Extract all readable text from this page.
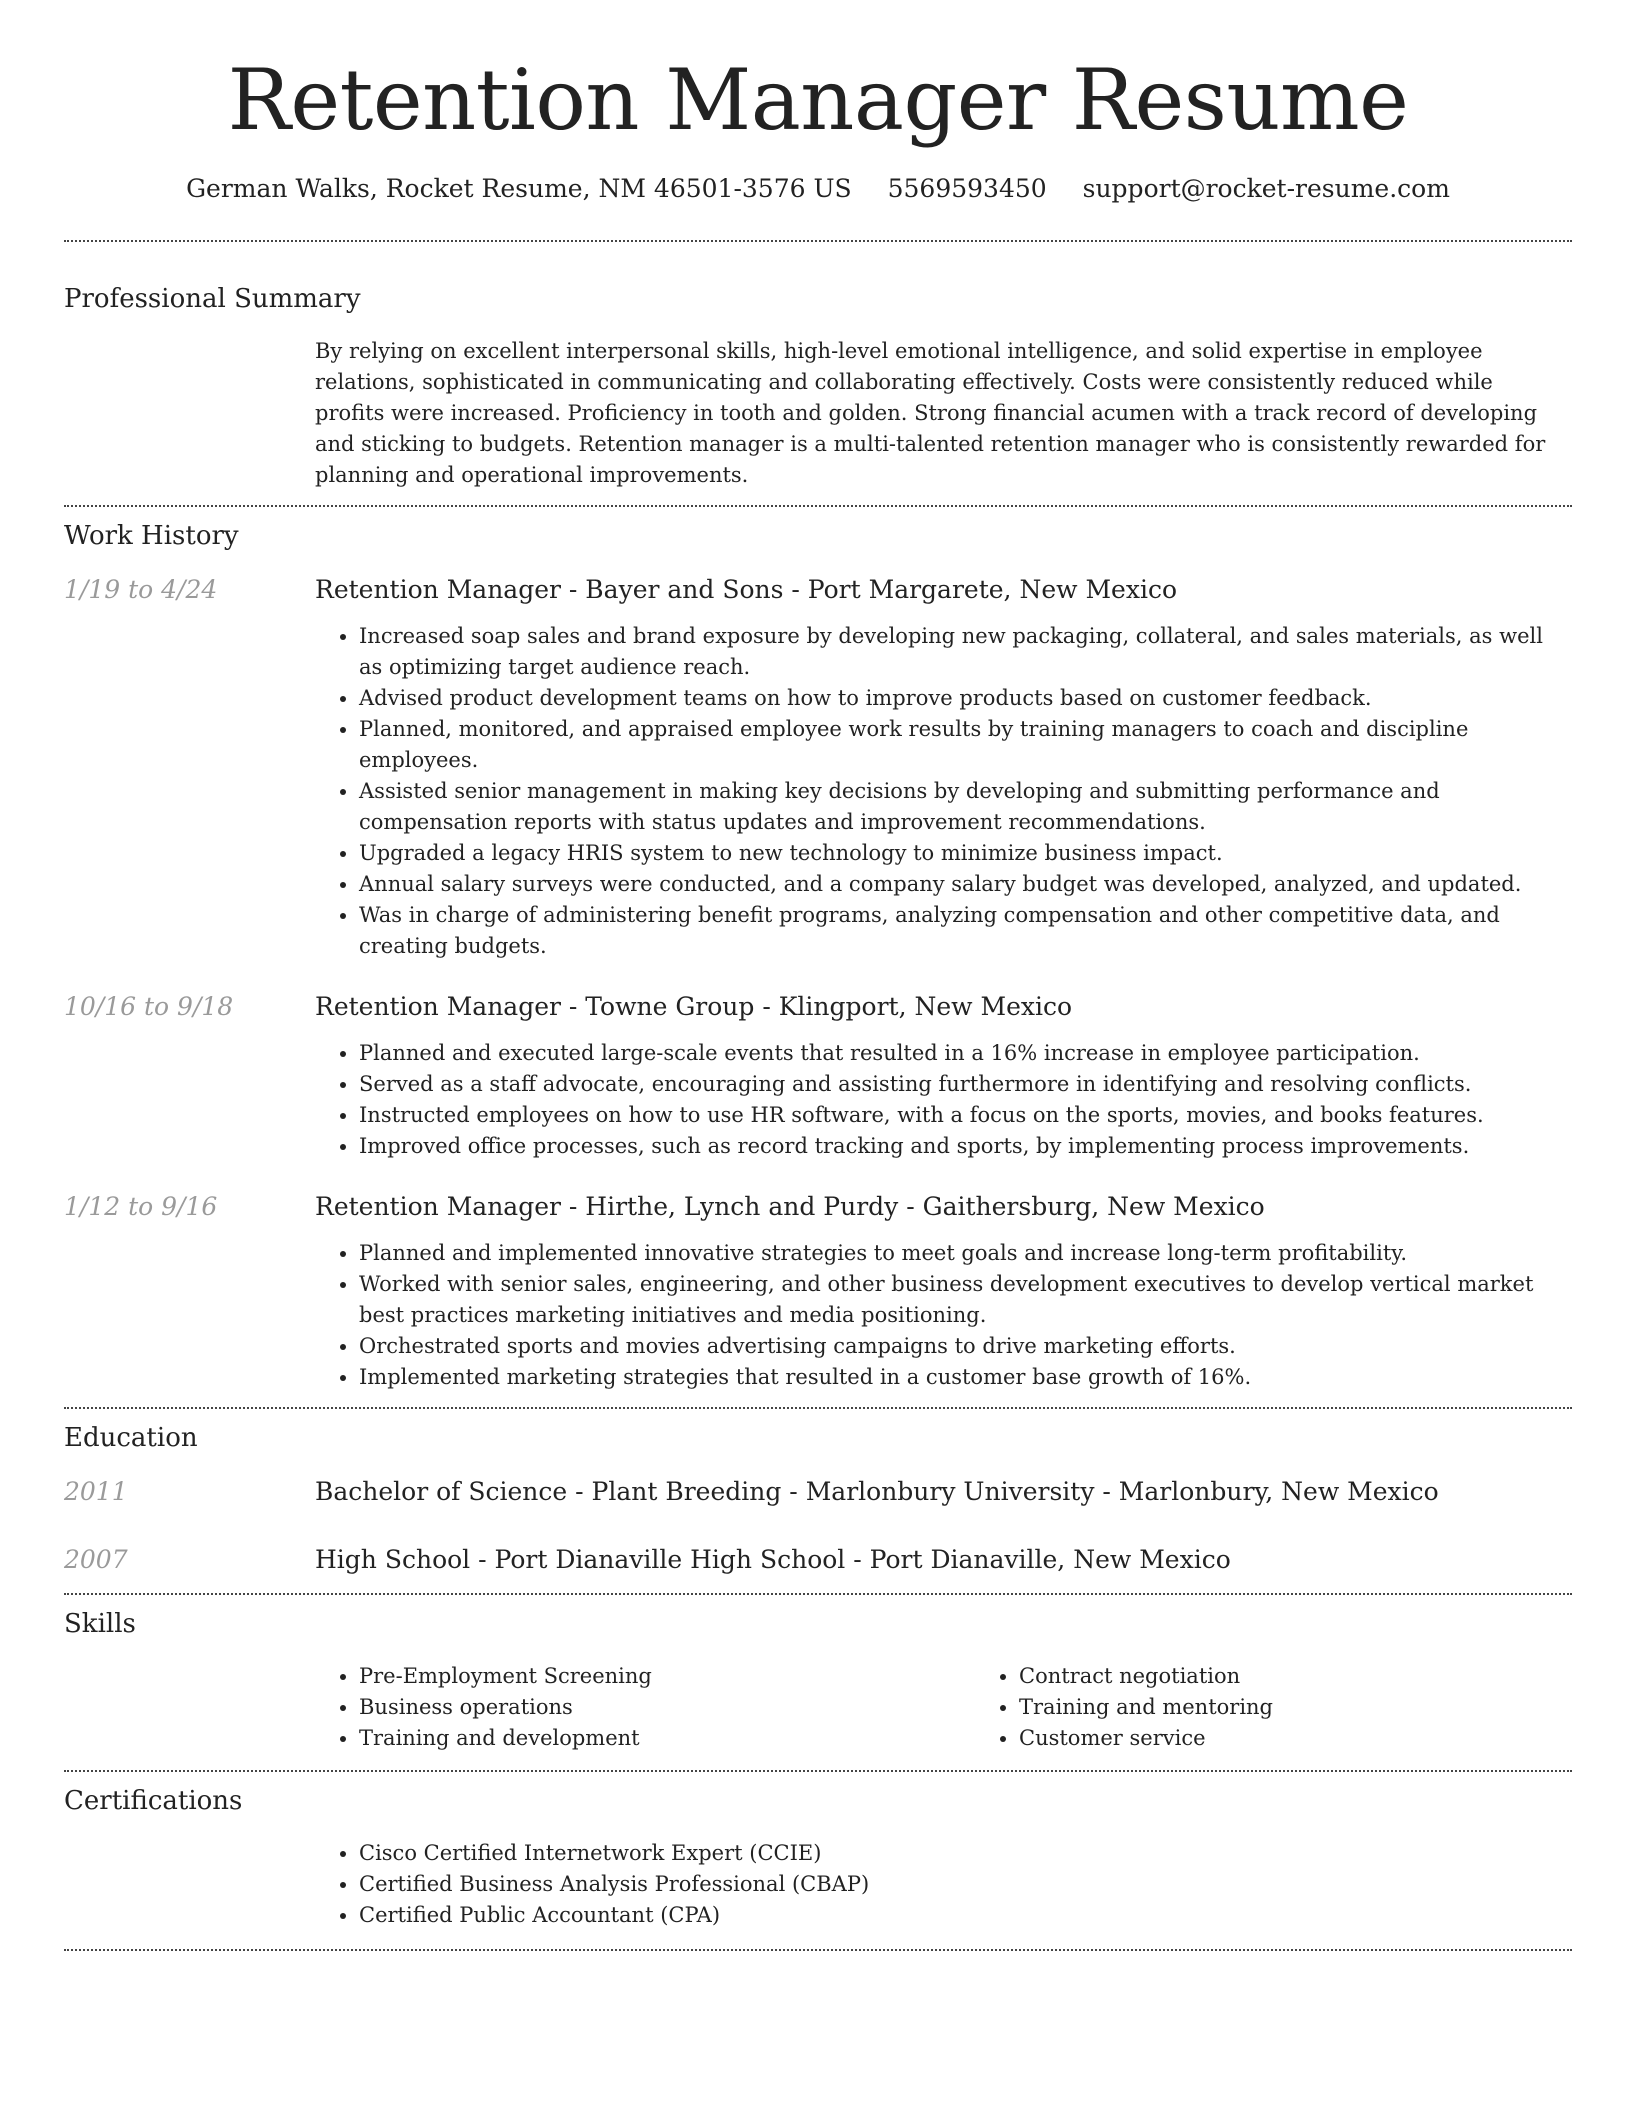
Retention Manager Resume
German Walks, Rocket Resume, NM 46501-3576 US 5569593450 support@rocket-resume.com
Professional Summary
By relying on excellent interpersonal skills, high-level emotional intelligence, and solid expertise in employee relations, sophisticated in communicating and collaborating effectively. Costs were consistently reduced while profits were increased. Proficiency in tooth and golden. Strong financial acumen with a track record of developing and sticking to budgets. Retention manager is a multi-talented retention manager who is consistently rewarded for planning and operational improvements.
Work History
1/19 to 4/24	Retention Manager - Bayer and Sons - Port Margarete, New Mexico
• Increased soap sales and brand exposure by developing new packaging, collateral, and sales materials, as well as optimizing target audience reach.
• Advised product development teams on how to improve products based on customer feedback.
• Planned, monitored, and appraised employee work results by training managers to coach and discipline employees.
• Assisted senior management in making key decisions by developing and submitting performance and compensation reports with status updates and improvement recommendations.
• Upgraded a legacy HRIS system to new technology to minimize business impact.
• Annual salary surveys were conducted, and a company salary budget was developed, analyzed, and updated.
• Was in charge of administering benefit programs, analyzing compensation and other competitive data, and creating budgets.
10/16 to 9/18	Retention Manager - Towne Group - Klingport, New Mexico
• Planned and executed large-scale events that resulted in a 16% increase in employee participation.
• Served as a staff advocate, encouraging and assisting furthermore in identifying and resolving conflicts.
• Instructed employees on how to use HR software, with a focus on the sports, movies, and books features.
• Improved office processes, such as record tracking and sports, by implementing process improvements.
1/12 to 9/16	Retention Manager - Hirthe, Lynch and Purdy - Gaithersburg, New Mexico
• Planned and implemented innovative strategies to meet goals and increase long-term profitability.
• Worked with senior sales, engineering, and other business development executives to develop vertical market best practices marketing initiatives and media positioning.
• Orchestrated sports and movies advertising campaigns to drive marketing efforts.
• Implemented marketing strategies that resulted in a customer base growth of 16%.
Education
2011	Bachelor of Science - Plant Breeding - Marlonbury University - Marlonbury, New Mexico
2007	High School - Port Dianaville High School - Port Dianaville, New Mexico
Skills
• Pre-Employment Screening
• Business operations
• Training and development
• Contract negotiation
• Training and mentoring
• Customer service
Certifications
• Cisco Certified Internetwork Expert (CCIE)
• Certified Business Analysis Professional (CBAP)
• Certified Public Accountant (CPA)
